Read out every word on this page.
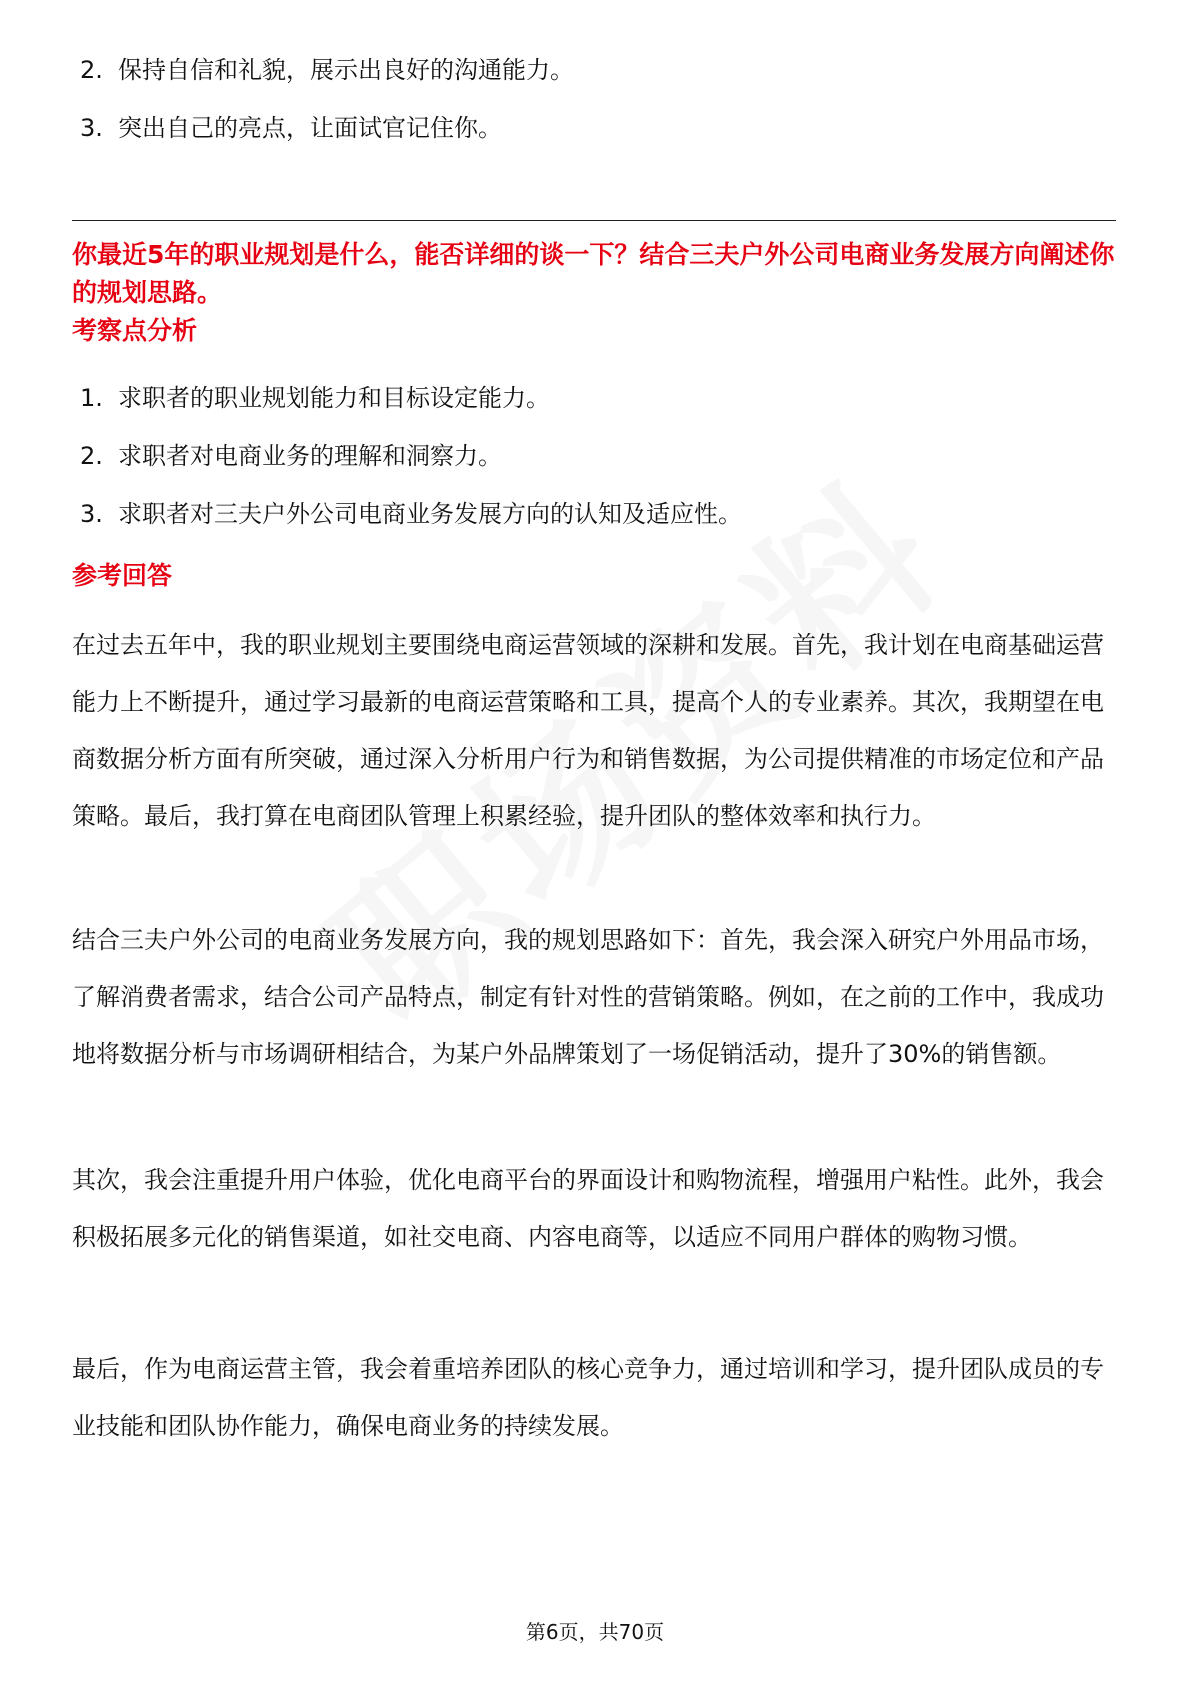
2. 保持自信和礼貌，展示出良好的沟通能力。
3. 突出自己的亮点，让面试官记住你。
你最近5年的职业规划是什么，能否详细的谈一下？结合三夫户外公司电商业务发展方向阐述你的规划思路。
考察点分析
1. 求职者的职业规划能力和目标设定能力。
2. 求职者对电商业务的理解和洞察力。
3. 求职者对三夫户外公司电商业务发展方向的认知及适应性。
参考回答

在过去五年中，我的职业规划主要围绕电商运营领域的深耕和发展。首先，我计划在电商基础运营能力上不断提升，通过学习最新的电商运营策略和工具，提高个人的专业素养。其次，我期望在电商数据分析方面有所突破，通过深入分析用户行为和销售数据，为公司提供精准的市场定位和产品策略。最后，我打算在电商团队管理上积累经验，提升团队的整体效率和执行力。

结合三夫户外公司的电商业务发展方向，我的规划思路如下：首先，我会深入研究户外用品市场，了解消费者需求，结合公司产品特点，制定有针对性的营销策略。例如，在之前的工作中，我成功地将数据分析与市场调研相结合，为某户外品牌策划了一场促销活动，提升了30%的销售额。

其次，我会注重提升用户体验，优化电商平台的界面设计和购物流程，增强用户粘性。此外，我会积极拓展多元化的销售渠道，如社交电商、内容电商等，以适应不同用户群体的购物习惯。

最后，作为电商运营主管，我会着重培养团队的核心竞争力，通过培训和学习，提升团队成员的专业技能和团队协作能力，确保电商业务的持续发展。

第6页，共70页
